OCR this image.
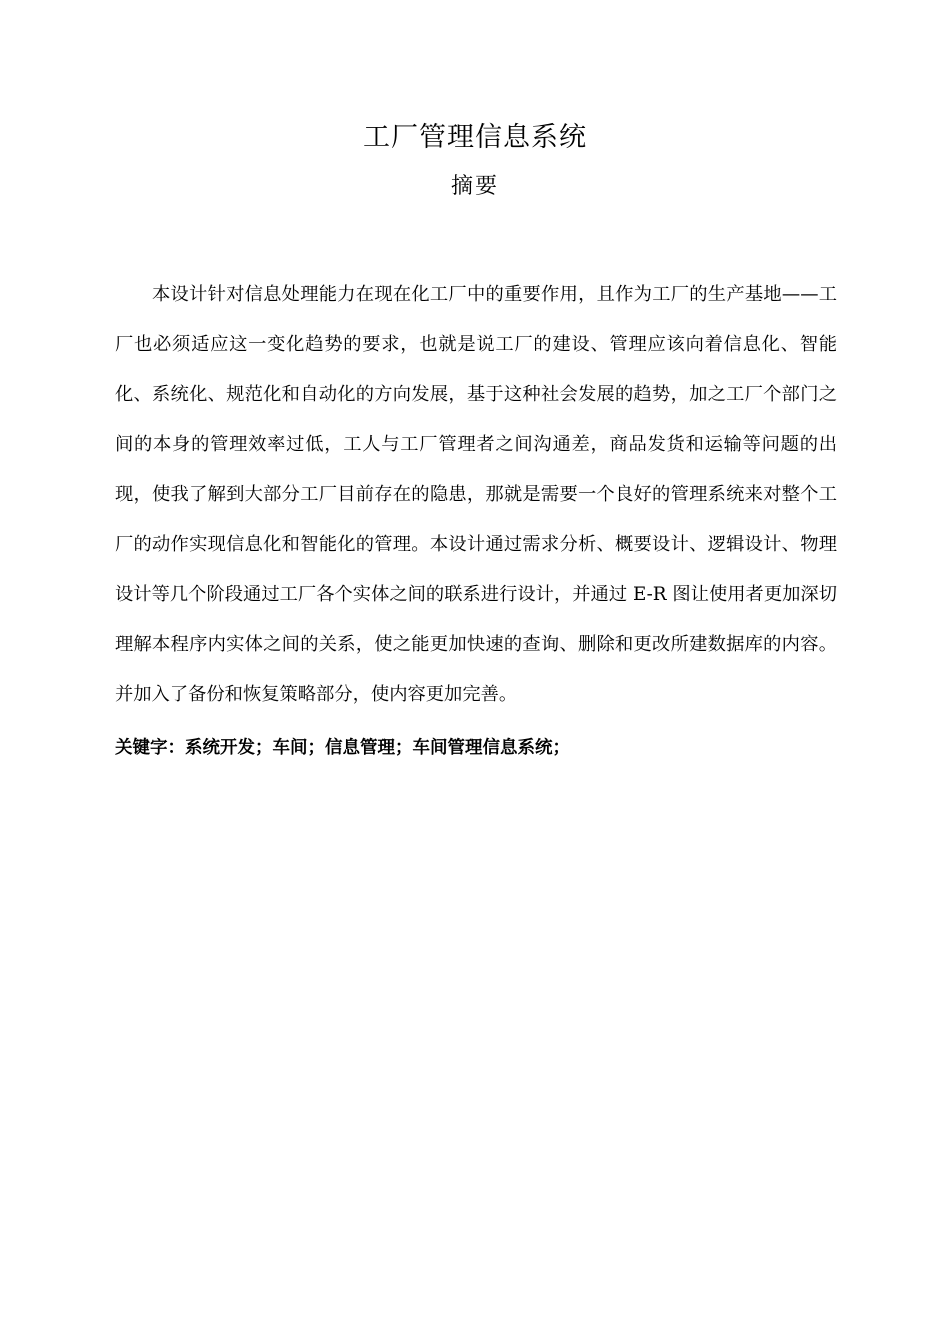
工厂管理信息系统
摘要

本设计针对信息处理能力在现在化工厂中的重要作用，且作为工厂的生产基地——工厂也必须适应这一变化趋势的要求，也就是说工厂的建设、管理应该向着信息化、智能化、系统化、规范化和自动化的方向发展，基于这种社会发展的趋势，加之工厂个部门之间的本身的管理效率过低，工人与工厂管理者之间沟通差，商品发货和运输等问题的出现，使我了解到大部分工厂目前存在的隐患，那就是需要一个良好的管理系统来对整个工厂的动作实现信息化和智能化的管理。本设计通过需求分析、概要设计、逻辑设计、物理设计等几个阶段通过工厂各个实体之间的联系进行设计，并通过 E-R 图让使用者更加深切理解本程序内实体之间的关系，使之能更加快速的查询、删除和更改所建数据库的内容。并加入了备份和恢复策略部分，使内容更加完善。

关键字：系统开发；车间；信息管理；车间管理信息系统；
